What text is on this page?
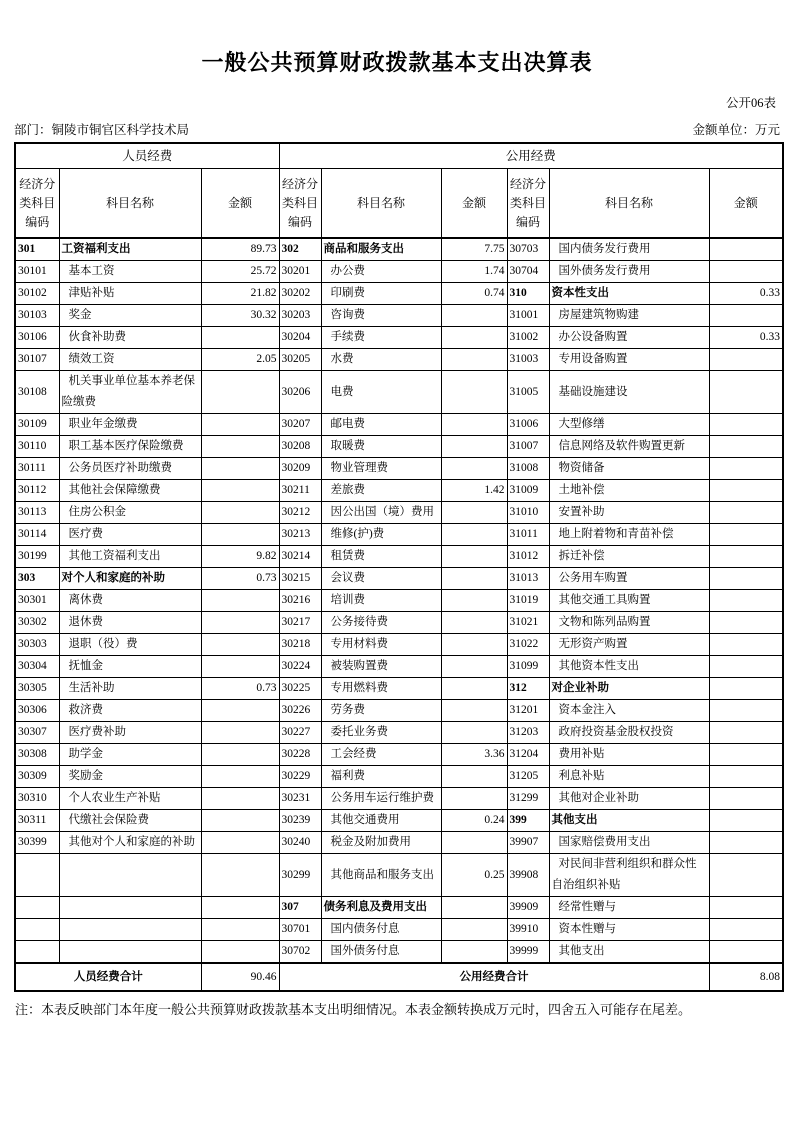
一般公共预算财政拨款基本支出决算表
公开06表
部门：铜陵市铜官区科学技术局	金额单位：万元
人员经费			公用经费					
经济分类科目编码	科目名称	金额	经济分类科目编码	科目名称	金额	经济分类科目编码	科目名称	金额
301	工资福利支出	89.73	302	商品和服务支出	7.75	30703	国内债务发行费用	
30101	基本工资	25.72	30201	办公费	1.74	30704	国外债务发行费用	
30102	津贴补贴	21.82	30202	印刷费	0.74	310	资本性支出	0.33
30103	奖金	30.32	30203	咨询费		31001	房屋建筑物购建	
30106	伙食补助费		30204	手续费		31002	办公设备购置	0.33
30107	绩效工资	2.05	30205	水费		31003	专用设备购置	
30108	机关事业单位基本养老保险缴费		30206	电费		31005	基础设施建设	
30109	职业年金缴费		30207	邮电费		31006	大型修缮	
30110	职工基本医疗保险缴费		30208	取暖费		31007	信息网络及软件购置更新	
30111	公务员医疗补助缴费		30209	物业管理费		31008	物资储备	
30112	其他社会保障缴费		30211	差旅费	1.42	31009	土地补偿	
30113	住房公积金		30212	因公出国（境）费用		31010	安置补助	
30114	医疗费		30213	维修(护)费		31011	地上附着物和青苗补偿	
30199	其他工资福利支出	9.82	30214	租赁费		31012	拆迁补偿	
303	对个人和家庭的补助	0.73	30215	会议费		31013	公务用车购置	
30301	离休费		30216	培训费		31019	其他交通工具购置	
30302	退休费		30217	公务接待费		31021	文物和陈列品购置	
30303	退职（役）费		30218	专用材料费		31022	无形资产购置	
30304	抚恤金		30224	被装购置费		31099	其他资本性支出	
30305	生活补助	0.73	30225	专用燃料费		312	对企业补助	
30306	救济费		30226	劳务费		31201	资本金注入	
30307	医疗费补助		30227	委托业务费		31203	政府投资基金股权投资	
30308	助学金		30228	工会经费	3.36	31204	费用补贴	
30309	奖励金		30229	福利费		31205	利息补贴	
30310	个人农业生产补贴		30231	公务用车运行维护费		31299	其他对企业补助	
30311	代缴社会保险费		30239	其他交通费用	0.24	399	其他支出	
30399	其他对个人和家庭的补助		30240	税金及附加费用		39907	国家赔偿费用支出	
			30299	其他商品和服务支出	0.25	39908	对民间非营利组织和群众性自治组织补贴	
			307	债务利息及费用支出		39909	经常性赠与	
			30701	国内债务付息		39910	资本性赠与	
			30702	国外债务付息		39999	其他支出	
人员经费合计		90.46	公用经费合计					8.08

注：本表反映部门本年度一般公共预算财政拨款基本支出明细情况。本表金额转换成万元时，四舍五入可能存在尾差。
